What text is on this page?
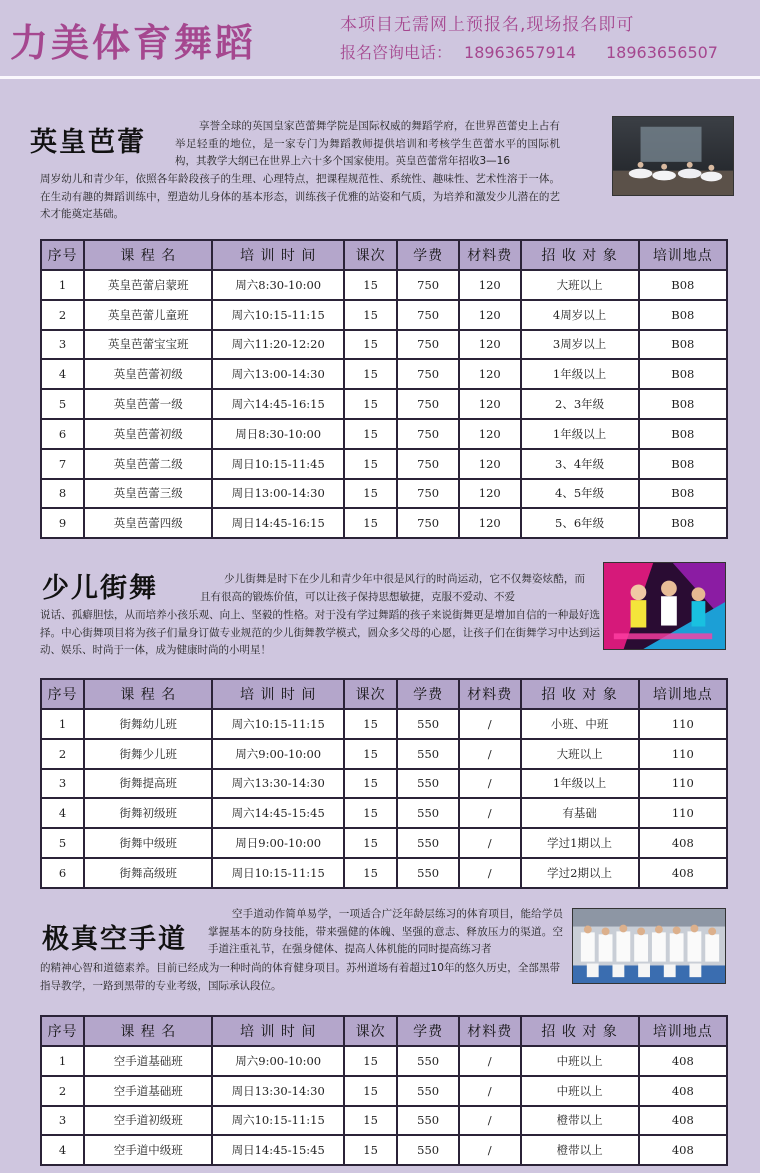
力美体育舞蹈	本项目无需网上预报名,现场报名即可
报名咨询电话： 18963657914 18963656507
英皇芭蕾
享誉全球的英国皇家芭蕾舞学院是国际权威的舞蹈学府，在世界芭蕾史上占有举足轻重的地位，是一家专门为舞蹈教师提供培训和考核学生芭蕾水平的国际机构，其教学大纲已在世界上六十多个国家使用。英皇芭蕾常年招收3—16
周岁幼儿和青少年，依照各年龄段孩子的生理、心理特点，把课程规范性、系统性、趣味性、艺术性溶于一体。在生动有趣的舞蹈训练中，塑造幼儿身体的基本形态，训练孩子优雅的站姿和气质，为培养和激发少儿潜在的艺术才能奠定基础。
序号	课 程 名	培 训 时 间	课次	学费	材料费	招 收 对 象	培训地点
1	英皇芭蕾启蒙班	周六8:30-10:00	15	750	120	大班以上	B08
2	英皇芭蕾儿童班	周六10:15-11:15	15	750	120	4周岁以上	B08
3	英皇芭蕾宝宝班	周六11:20-12:20	15	750	120	3周岁以上	B08
4	英皇芭蕾初级	周六13:00-14:30	15	750	120	1年级以上	B08
5	英皇芭蕾一级	周六14:45-16:15	15	750	120	2、3年级	B08
6	英皇芭蕾初级	周日8:30-10:00	15	750	120	1年级以上	B08
7	英皇芭蕾二级	周日10:15-11:45	15	750	120	3、4年级	B08
8	英皇芭蕾三级	周日13:00-14:30	15	750	120	4、5年级	B08
9	英皇芭蕾四级	周日14:45-16:15	15	750	120	5、6年级	B08
少儿街舞	少儿街舞是时下在少儿和青少年中很是风行的时尚运动，它不仅舞姿炫酷，而且有很高的锻炼价值，可以让孩子保持思想敏捷，克服不爱动、不爱
说话、孤癖胆怯，从而培养小孩乐观、向上、坚毅的性格。对于没有学过舞蹈的孩子来说街舞更是增加自信的一种最好选择。中心街舞项目将为孩子们量身订做专业规范的少儿街舞教学模式，圆众多父母的心愿，让孩子们在街舞学习中达到运动、娱乐、时尚于一体，成为健康时尚的小明星！
序号	课 程 名	培 训 时 间	课次	学费	材料费	招 收 对 象	培训地点
1	街舞幼儿班	周六10:15-11:15	15	550	/	小班、中班	110
2	街舞少儿班	周六9:00-10:00	15	550	/	大班以上	110
3	街舞提高班	周六13:30-14:30	15	550	/	1年级以上	110
4	街舞初级班	周六14:45-15:45	15	550	/	有基础	110
5	街舞中级班	周日9:00-10:00	15	550	/	学过1期以上	408
6	街舞高级班	周日10:15-11:15	15	550	/	学过2期以上	408
极真空手道
空手道动作简单易学，一项适合广泛年龄层练习的体育项目，能给学员掌握基本的防身技能，带来强健的体魄、坚强的意志、释放压力的渠道。空手道注重礼节，在强身健体、提高人体机能的同时提高练习者
的精神心智和道德素养。目前已经成为一种时尚的体育健身项目。苏州道场有着超过10年的悠久历史，全部黑带指导教学，一路到黑带的专业考级，国际承认段位。
序号	课 程 名	培 训 时 间	课次	学费	材料费	招 收 对 象	培训地点
1	空手道基础班	周六9:00-10:00	15	550	/	中班以上	408
2	空手道基础班	周日13:30-14:30	15	550	/	中班以上	408
3	空手道初级班	周六10:15-11:15	15	550	/	橙带以上	408
4	空手道中级班	周日14:45-15:45	15	550	/	橙带以上	408
